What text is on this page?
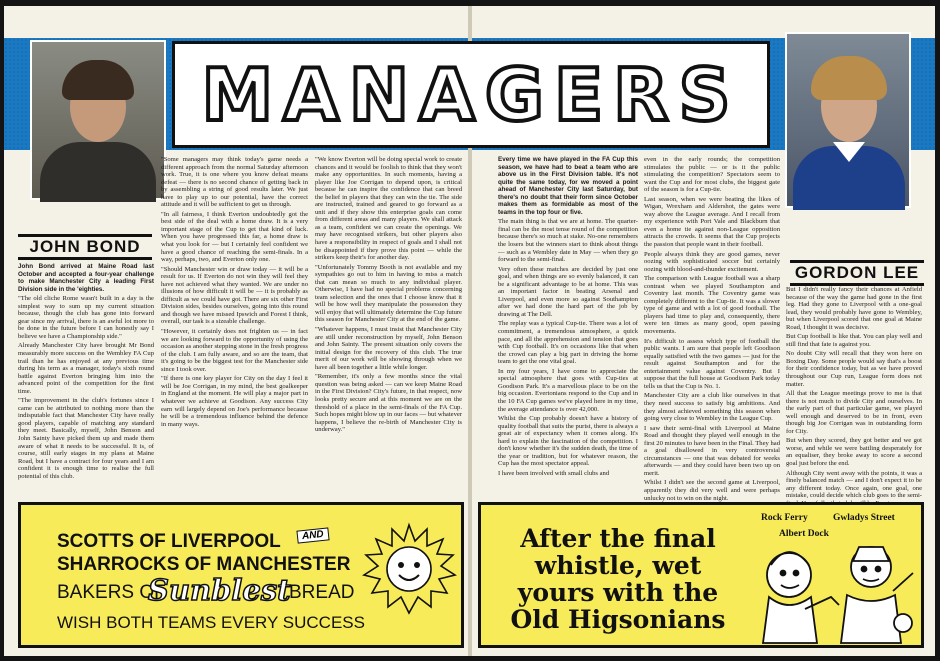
MANAGERS
JOHN BOND
GORDON LEE

John Bond arrived at Maine Road last October and accepted a four-year challenge to make Manchester City a leading First Division side in the 'eighties.

"The old cliche Rome wasn't built in a day is the simplest way to sum up my current situation because, though the club has gone into forward gear since my arrival, there is an awful lot more to be done in the future before I can honestly say I believe we have a Championship side."

Already Manchester City have brought Mr Bond measurably more success on the Wembley FA Cup trail than he has enjoyed at any previous time during his term as a manager, today's sixth round battle against Everton bringing him into the advanced point of the competition for the first time.

"The improvement in the club's fortunes since I came can be attributed to nothing more than the indisputable fact that Manchester City have really good players, capable of matching any standard they meet. Basically, myself, John Benson and John Sainty have picked them up and made them aware of what it needs to be successful. It is, of course, still early stages in my plans at Maine Road, but I have a contract for four years and I am confident it is enough time to realise the full potential of this club.

"Some managers may think today's game needs a different approach from the normal Saturday afternoon work. True, it is one where you know defeat means defeat — there is no second chance of getting back in by assembling a string of good results later. We just have to play up to our potential, have the correct attitude and it will be sufficient to get us through.

"In all fairness, I think Everton undoubtedly got the best side of the deal with a home draw. It is a very important stage of the Cup to get that kind of luck. When you have progressed this far, a home draw is what you look for — but I certainly feel confident we have a good chance of reaching the semi-finals. In a way, perhaps, two, and Everton only one.

"Should Manchester win or draw today — it will be a result for us. If Everton do not win they will feel they have not achieved what they wanted. We are under no illusions of how difficult it will be — it is probably as difficult as we could have got. There are six other First Division sides, besides ourselves, going into this round and though we have missed Ipswich and Forest I think, overall, our task is a sizeable challenge.

"However, it certainly does not frighten us — in fact we are looking forward to the opportunity of using the occasion as another stepping stone in the fresh progress of the club. I am fully aware, and so are the team, that it's going to be the biggest test for the Manchester side since I took over.

"If there is one key player for City on the day I feel it will be Joe Corrigan, in my mind, the best goalkeeper in England at the moment. He will play a major part in whatever we achieve at Goodison. Any success City earn will largely depend on Joe's performance because he will be a tremendous influence behind the defence in many ways.

"We know Everton will be doing special work to create chances and it would be foolish to think that they won't make any opportunities. In such moments, having a player like Joe Corrigan to depend upon, is critical because he can inspire the confidence that can breed the belief in players that they can win the tie. The side are instructed, trained and geared to go forward as a unit and if they show this enterprise goals can come from different areas and many players. We shall attack as a team, confident we can create the openings. We may have recognised strikers, but other players also have a responsibility in respect of goals and I shall not be disappointed if they prove this point — while the strikers keep their's for another day.

"Unfortunately Tommy Booth is not available and my sympathies go out to him in having to miss a match that can mean so much to any individual player. Otherwise, I have had no special problems concerning team selection and the ones that I choose know that it will be how well they manipulate the possession they will enjoy that will ultimately determine the Cup future this season for Manchester City at the end of the game.

"Whatever happens, I must insist that Manchester City are still under reconstruction by myself, John Benson and John Sainty. The present situation only covers the initial design for the recovery of this club. The true merit of our work will be showing through when we have all been together a little while longer.

"Remember, it's only a few months since the vital question was being asked — can we keep Maine Road in the First Division? City's future, in that respect, now looks pretty secure and at this moment we are on the threshold of a place in the semi-finals of the FA Cup. Such hopes might blow up in our faces — but whatever happens, I believe the re-birth of Manchester City is underway."

Every time we have played in the FA Cup this season, we have had to beat a team who are above us in the First Division table. It's not quite the same today, for we moved a point ahead of Manchester City last Saturday, but there's no doubt that their form since October makes them as formidable as most of the teams in the top four or five.

The main thing is that we are at home. The quarter-final can be the most tense round of the competition because there's so much at stake. No-one remembers the losers but the winners start to think about things — such as a Wembley date in May — when they go forward to the semi-final.

Very often these matches are decided by just one goal, and when things are so evenly balanced, it can be a significant advantage to be at home. This was an important factor in beating Arsenal and Liverpool, and even more so against Southampton after we had done the hard part of the job by drawing at The Dell.

The replay was a typical Cup-tie. There was a lot of commitment, a tremendous atmosphere, a quick pace, and all the apprehension and tension that goes with Cup football. It's on occasions like that when the crowd can play a big part in driving the home team to get the one vital goal.

In my four years, I have come to appreciate the special atmosphere that goes with Cup-ties at Goodison Park. It's a marvellous place to be on the big occasion. Evertonians respond to the Cup and in the 10 FA Cup games we've played here in my time, the average attendance is over 42,000.

Whilst the Cup probably doesn't have a history of quality football that suits the purist, there is always a great air of expectancy when it comes along. It's hard to explain the fascination of the competition. I don't know whether it's the sudden death, the time of the year or tradition, but for whatever reason, the Cup has the most spectator appeal.

I have been involved with small clubs and

even in the early rounds; the competition stimulates the public — or is it the public stimulating the competition? Spectators seem to want the Cup and for most clubs, the biggest gate of the season is for a Cup-tie.

Last season, when we were beating the likes of Wigan, Wrexham and Aldershot, the gates were way above the League average. And I recall from my experience with Port Vale and Blackburn that even a home tie against non-League opposition attracts the crowds. It seems that the Cup projects the passion that people want in their football.

People always think they are good games, never oozing with sophisticated soccer but certainly oozing with blood-and-thunder excitement.

The comparison with League football was a sharp contrast when we played Southampton and Coventry last month. The Coventry game was completely different to the Cup-tie. It was a slower type of game and with a lot of good football. The players had time to play and, consequently, there were ten times as many good, open passing movements.

It's difficult to assess which type of football the public wants. I am sure that people left Goodison equally satisfied with the two games — just for the result against Southampton and for the entertainment value against Coventry. But I suppose that the full house at Goodison Park today tells us that the Cup is No. 1.

Manchester City are a club like ourselves in that they need success to satisfy big ambitions. And they almost achieved something this season when going very close to Wembley in the League Cup.

I saw their semi-final with Liverpool at Maine Road and thought they played well enough in the first 20 minutes to have been in the Final. They had a goal disallowed in very controversial circumstances — one that was debated for weeks afterwards — and they could have been two up on merit.

Whilst I didn't see the second game at Liverpool, apparently they did very well and were perhaps unlucky not to win on the night.

But I didn't really fancy their chances at Anfield because of the way the game had gone in the first leg. Had they gone to Liverpool with a one-goal lead, they would probably have gone to Wembley, but when Liverpool scored that one goal at Maine Road, I thought it was decisive.

But Cup football is like that. You can play well and still find that fate is against you.

No doubt City will recall that they won here on Boxing Day. Some people would say that's a boost for their confidence today, but as we have proved throughout our Cup run, League form does not matter.

All that the League meetings prove to me is that there is not much to divide City and ourselves. In the early part of that particular game, we played well enough and deserved to be in front, even though big Joe Corrigan was in outstanding form for City.

But when they scored, they got better and we got worse, and while we were battling desperately for an equaliser, they broke away to score a second goal just before the end.

Although City went away with the points, it was a finely balanced match — and I don't expect it to be any different today. Once again, one goal, one mistake, could decide which club goes to the semi-

SCOTTS OF LIVERPOOL	AND
SHARROCKS OF MANCHESTER
BAKERS OF
Sunblest
BREAD
WISH BOTH TEAMS EVERY SUCCESS
After the final whistle, wet yours with the Old Higsonians
Rock Ferry	Gwladys Street
Albert Dock
